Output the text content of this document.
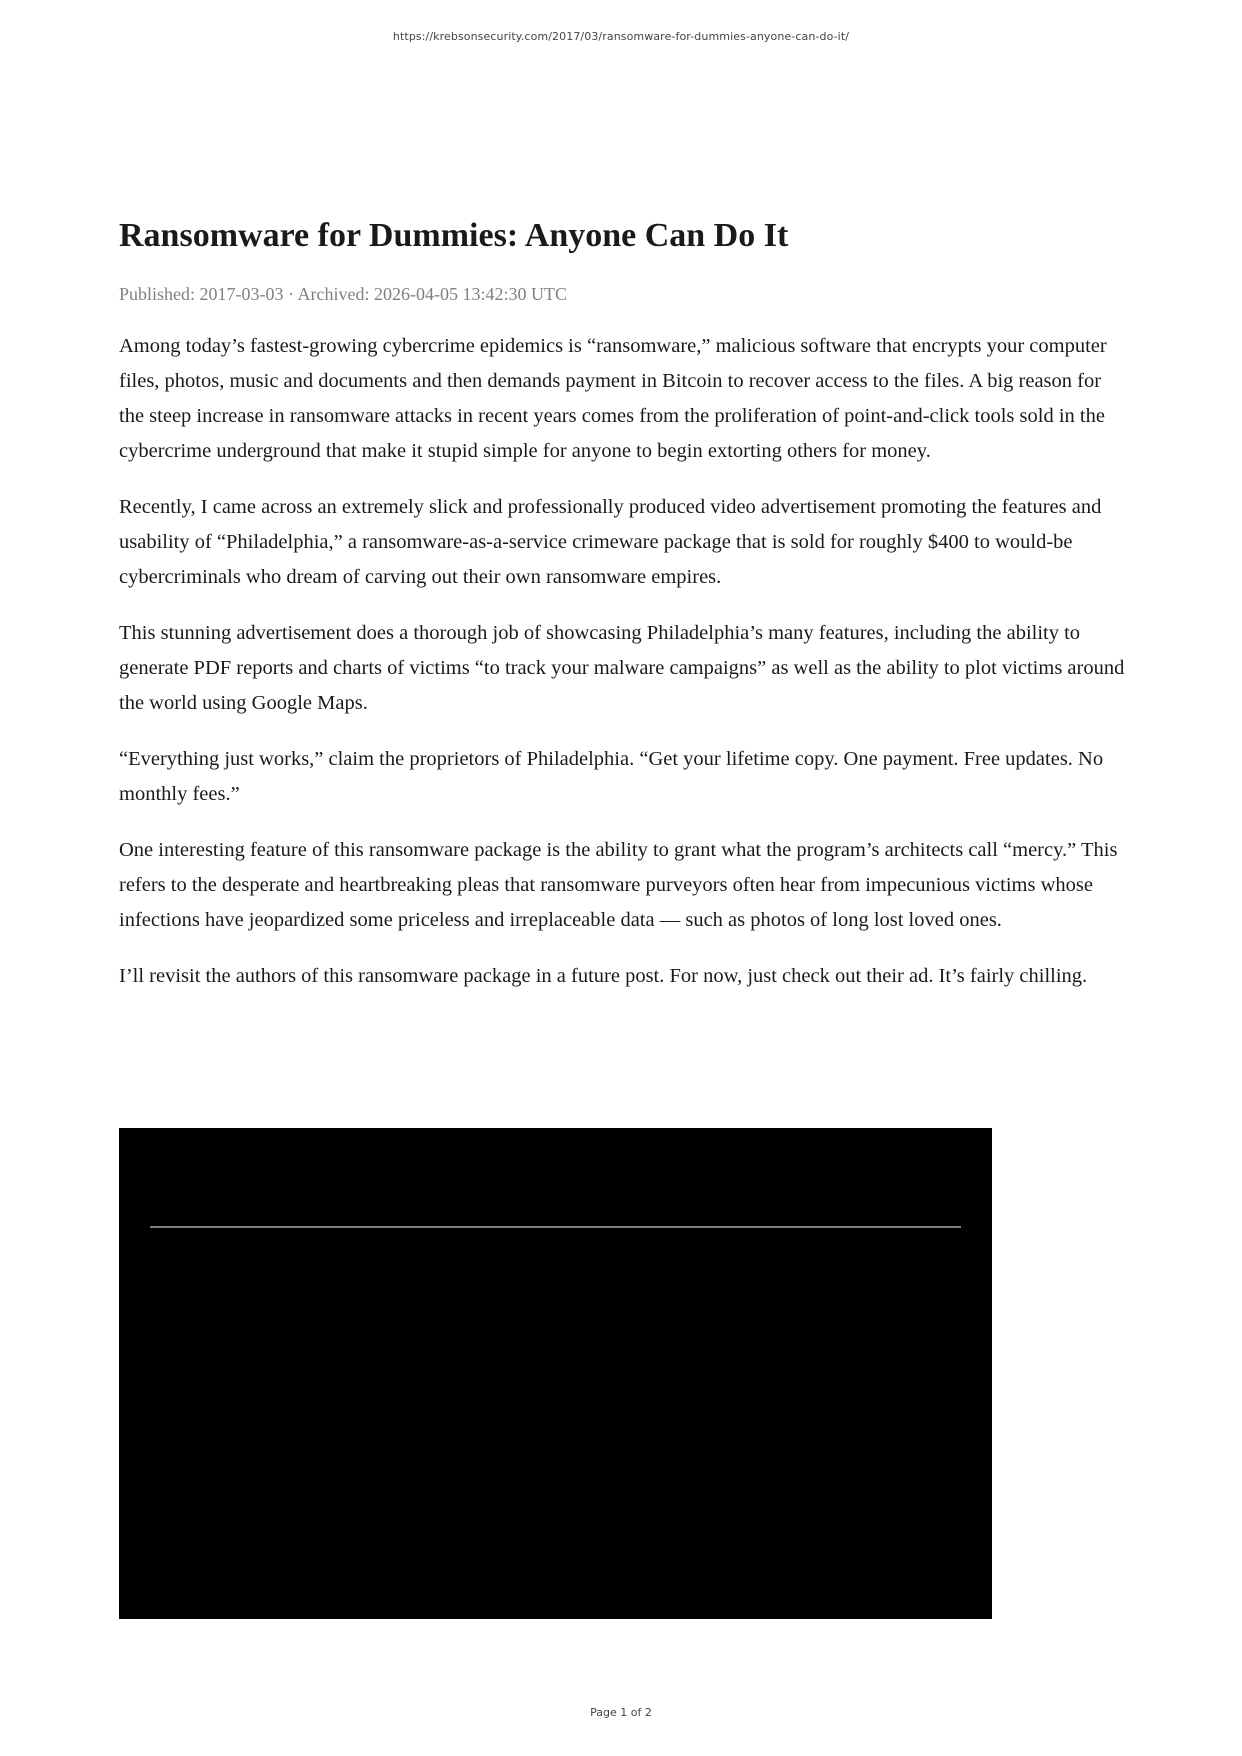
https://krebsonsecurity.com/2017/03/ransomware-for-dummies-anyone-can-do-it/
Ransomware for Dummies: Anyone Can Do It
Published: 2017-03-03 · Archived: 2026-04-05 13:42:30 UTC

Among today’s fastest-growing cybercrime epidemics is “ransomware,” malicious software that encrypts your computer files, photos, music and documents and then demands payment in Bitcoin to recover access to the files. A big reason for the steep increase in ransomware attacks in recent years comes from the proliferation of point-and-click tools sold in the cybercrime underground that make it stupid simple for anyone to begin extorting others for money.

Recently, I came across an extremely slick and professionally produced video advertisement promoting the features and usability of “Philadelphia,” a ransomware-as-a-service crimeware package that is sold for roughly $400 to would-be cybercriminals who dream of carving out their own ransomware empires.

This stunning advertisement does a thorough job of showcasing Philadelphia’s many features, including the ability to generate PDF reports and charts of victims “to track your malware campaigns” as well as the ability to plot victims around the world using Google Maps.

“Everything just works,” claim the proprietors of Philadelphia. “Get your lifetime copy. One payment. Free updates. No monthly fees.”

One interesting feature of this ransomware package is the ability to grant what the program’s architects call “mercy.” This refers to the desperate and heartbreaking pleas that ransomware purveyors often hear from impecunious victims whose infections have jeopardized some priceless and irreplaceable data — such as photos of long lost loved ones.

I’ll revisit the authors of this ransomware package in a future post. For now, just check out their ad. It’s fairly chilling.

Page 1 of 2
